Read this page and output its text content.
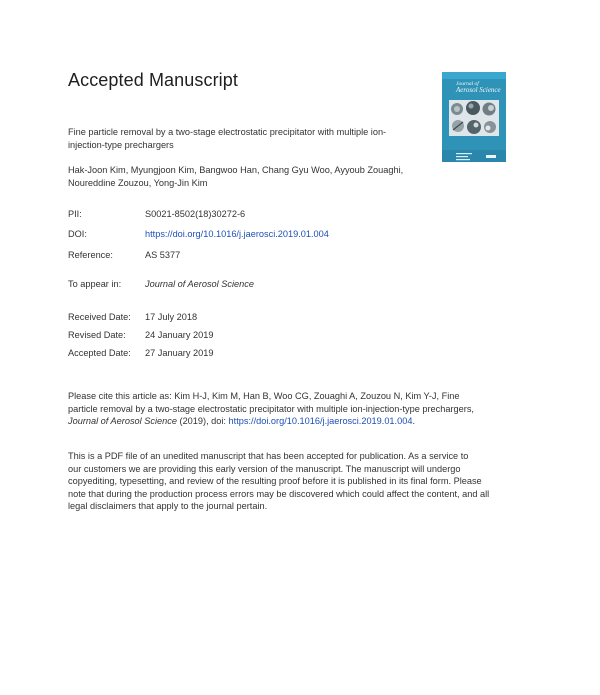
Accepted Manuscript	Journal of
Aerosol Science
Fine particle removal by a two-stage electrostatic precipitator with multiple ion-
injection-type prechargers
Hak-Joon Kim, Myungjoon Kim, Bangwoo Han, Chang Gyu Woo, Ayyoub Zouaghi,
Noureddine Zouzou, Yong-Jin Kim
PII:	S0021-8502(18)30272-6
DOI:	https://doi.org/10.1016/j.jaerosci.2019.01.004
Reference:	AS 5377
To appear in:	Journal of Aerosol Science
Received Date: 17 July 2018
Revised Date: 24 January 2019
Accepted Date: 27 January 2019
Please cite this article as: Kim H-J, Kim M, Han B, Woo CG, Zouaghi A, Zouzou N, Kim Y-J, Fine
particle removal by a two-stage electrostatic precipitator with multiple ion-injection-type prechargers,
Journal of Aerosol Science (2019), doi: https://doi.org/10.1016/j.jaerosci.2019.01.004.
This is a PDF file of an unedited manuscript that has been accepted for publication. As a service to
our customers we are providing this early version of the manuscript. The manuscript will undergo
copyediting, typesetting, and review of the resulting proof before it is published in its final form. Please
note that during the production process errors may be discovered which could affect the content, and all
legal disclaimers that apply to the journal pertain.
